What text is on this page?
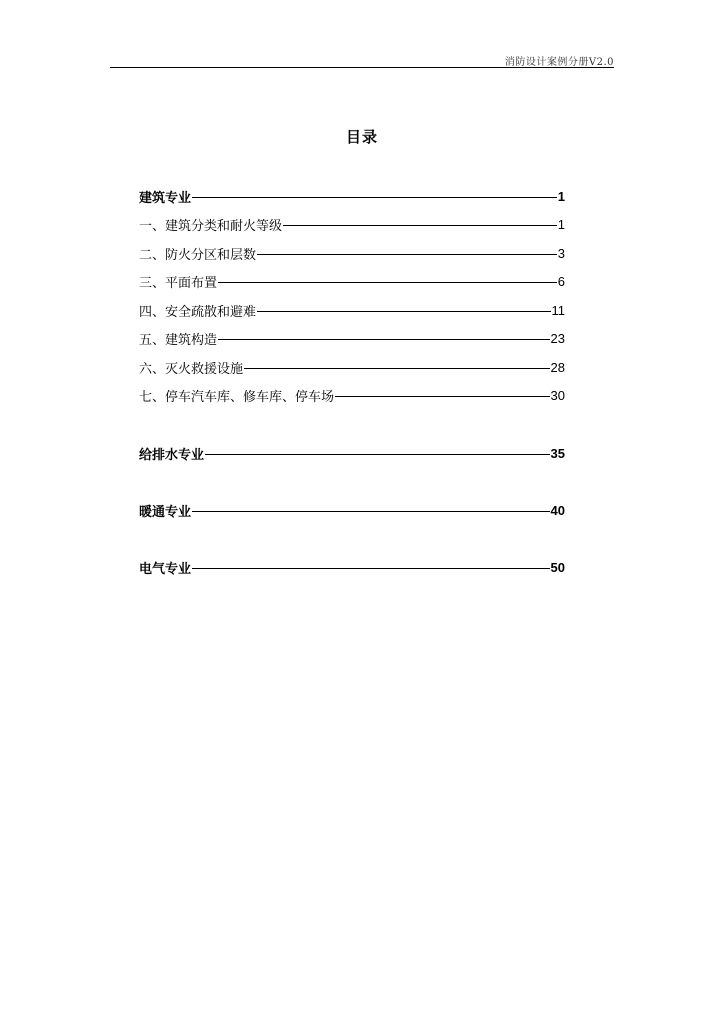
消防设计案例分册V2.0
目录
建筑专业	1
一、建筑分类和耐火等级	1
二、防火分区和层数	3
三、平面布置	6
四、安全疏散和避难	11
五、建筑构造	23
六、灭火救援设施	28
七、停车汽车库、修车库、停车场	30
给排水专业	35
暖通专业	40
电气专业	50
